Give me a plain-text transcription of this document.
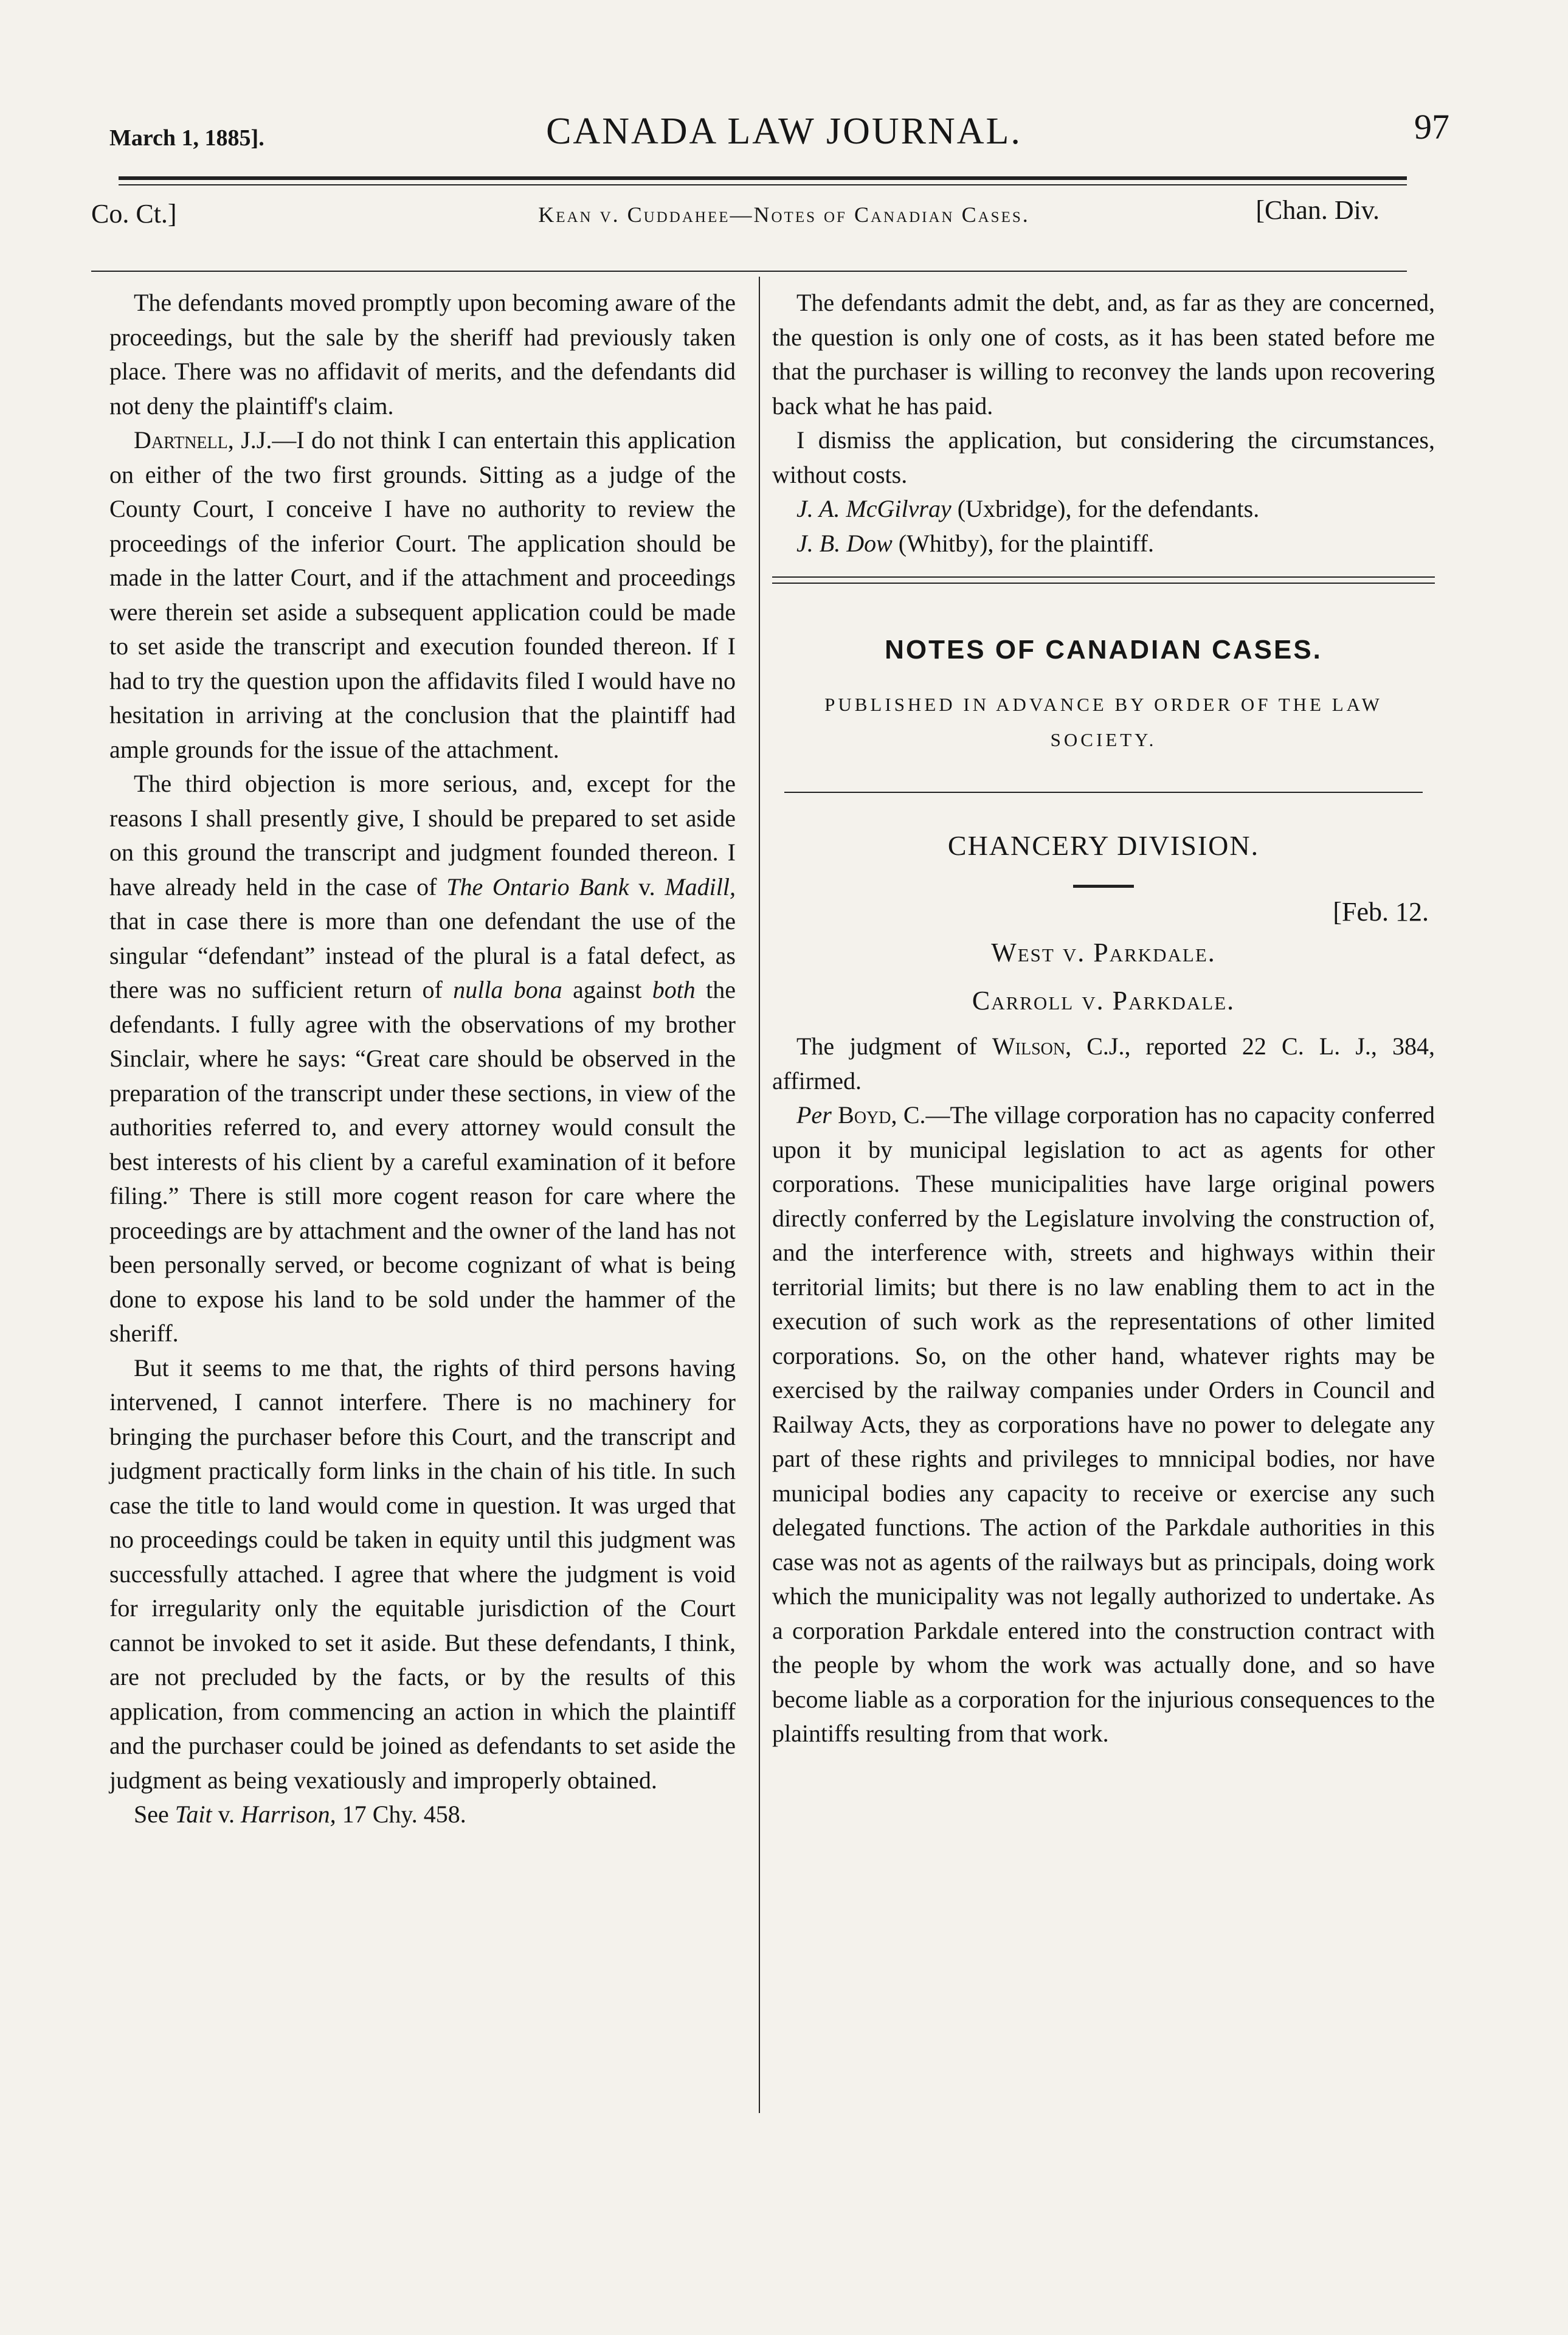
March 1, 1885].	CANADA LAW JOURNAL.	97
Co. Ct.]	Kean v. Cuddahee—Notes of Canadian Cases.	[Chan. Div.

The defendants moved promptly upon becoming aware of the proceedings, but the sale by the sheriff had previously taken place. There was no affidavit of merits, and the defendants did not deny the plaintiff's claim.

Dartnell, J.J.—I do not think I can entertain this application on either of the two first grounds. Sitting as a judge of the County Court, I conceive I have no authority to review the proceedings of the inferior Court. The application should be made in the latter Court, and if the attachment and proceedings were therein set aside a subsequent application could be made to set aside the transcript and execution founded thereon. If I had to try the question upon the affidavits filed I would have no hesitation in arriving at the conclusion that the plaintiff had ample grounds for the issue of the attachment.

The third objection is more serious, and, except for the reasons I shall presently give, I should be prepared to set aside on this ground the transcript and judgment founded thereon. I have already held in the case of The Ontario Bank v. Madill, that in case there is more than one defendant the use of the singular “defendant” instead of the plural is a fatal defect, as there was no sufficient return of nulla bona against both the defendants. I fully agree with the observations of my brother Sinclair, where he says: “Great care should be observed in the preparation of the transcript under these sections, in view of the authorities referred to, and every attorney would consult the best interests of his client by a careful examination of it before filing.” There is still more cogent reason for care where the proceedings are by attachment and the owner of the land has not been personally served, or become cognizant of what is being done to expose his land to be sold under the hammer of the sheriff.

But it seems to me that, the rights of third persons having intervened, I cannot interfere. There is no machinery for bringing the purchaser before this Court, and the transcript and judgment practically form links in the chain of his title. In such case the title to land would come in question. It was urged that no proceedings could be taken in equity until this judgment was successfully attached. I agree that where the judgment is void for irregularity only the equitable jurisdiction of the Court cannot be invoked to set it aside. But these defendants, I think, are not precluded by the facts, or by the results of this application, from commencing an action in which the plaintiff and the purchaser could be joined as defendants to set aside the judgment as being vexatiously and improperly obtained.

See Tait v. Harrison, 17 Chy. 458.

The defendants admit the debt, and, as far as they are concerned, the question is only one of costs, as it has been stated before me that the purchaser is willing to reconvey the lands upon recovering back what he has paid.

I dismiss the application, but considering the circumstances, without costs.

J. A. McGilvray (Uxbridge), for the defendants.

J. B. Dow (Whitby), for the plaintiff.

NOTES OF CANADIAN CASES.
PUBLISHED IN ADVANCE BY ORDER OF THE LAW SOCIETY.
CHANCERY DIVISION.
[Feb. 12.
West v. Parkdale.
Carroll v. Parkdale.

The judgment of Wilson, C.J., reported 22 C. L. J., 384, affirmed.

Per Boyd, C.—The village corporation has no capacity conferred upon it by municipal legislation to act as agents for other corporations. These municipalities have large original powers directly conferred by the Legislature involving the construction of, and the interference with, streets and highways within their territorial limits; but there is no law enabling them to act in the execution of such work as the representations of other limited corporations. So, on the other hand, whatever rights may be exercised by the railway companies under Orders in Council and Railway Acts, they as corporations have no power to delegate any part of these rights and privileges to mnnicipal bodies, nor have municipal bodies any capacity to receive or exercise any such delegated functions. The action of the Parkdale authorities in this case was not as agents of the railways but as principals, doing work which the municipality was not legally authorized to undertake. As a corporation Parkdale entered into the construction contract with the people by whom the work was actually done, and so have become liable as a corporation for the injurious consequences to the plaintiffs resulting from that work.
